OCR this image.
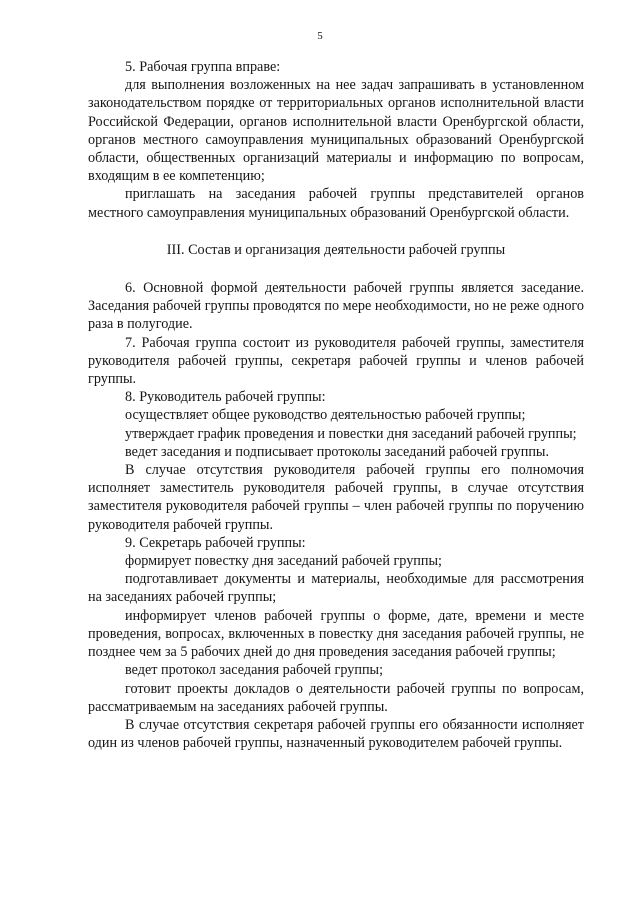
5

5. Рабочая группа вправе:

для выполнения возложенных на нее задач запрашивать в установленном законодательством порядке от территориальных органов исполнительной власти Российской Федерации, органов исполнительной власти Оренбургской области, органов местного самоуправления муниципальных образований Оренбургской области, общественных организаций материалы и информацию по вопросам, входящим в ее компетенцию;

приглашать на заседания рабочей группы представителей органов местного самоуправления муниципальных образований Оренбургской области.

III. Состав и организация деятельности рабочей группы

6. Основной формой деятельности рабочей группы является заседание. Заседания рабочей группы проводятся по мере необходимости, но не реже одного раза в полугодие.

7. Рабочая группа состоит из руководителя рабочей группы, заместителя руководителя рабочей группы, секретаря рабочей группы и членов рабочей группы.

8. Руководитель рабочей группы:

осуществляет общее руководство деятельностью рабочей группы;

утверждает график проведения и повестки дня заседаний рабочей группы;

ведет заседания и подписывает протоколы заседаний рабочей группы.

В случае отсутствия руководителя рабочей группы его полномочия исполняет заместитель руководителя рабочей группы, в случае отсутствия заместителя руководителя рабочей группы – член рабочей группы по поручению руководителя рабочей группы.

9. Секретарь рабочей группы:

формирует повестку дня заседаний рабочей группы;

подготавливает документы и материалы, необходимые для рассмотрения на заседаниях рабочей группы;

информирует членов рабочей группы о форме, дате, времени и месте проведения, вопросах, включенных в повестку дня заседания рабочей группы, не позднее чем за 5 рабочих дней до дня проведения заседания рабочей группы;

ведет протокол заседания рабочей группы;

готовит проекты докладов о деятельности рабочей группы по вопросам, рассматриваемым на заседаниях рабочей группы.

В случае отсутствия секретаря рабочей группы его обязанности исполняет один из членов рабочей группы, назначенный руководителем рабочей группы.
